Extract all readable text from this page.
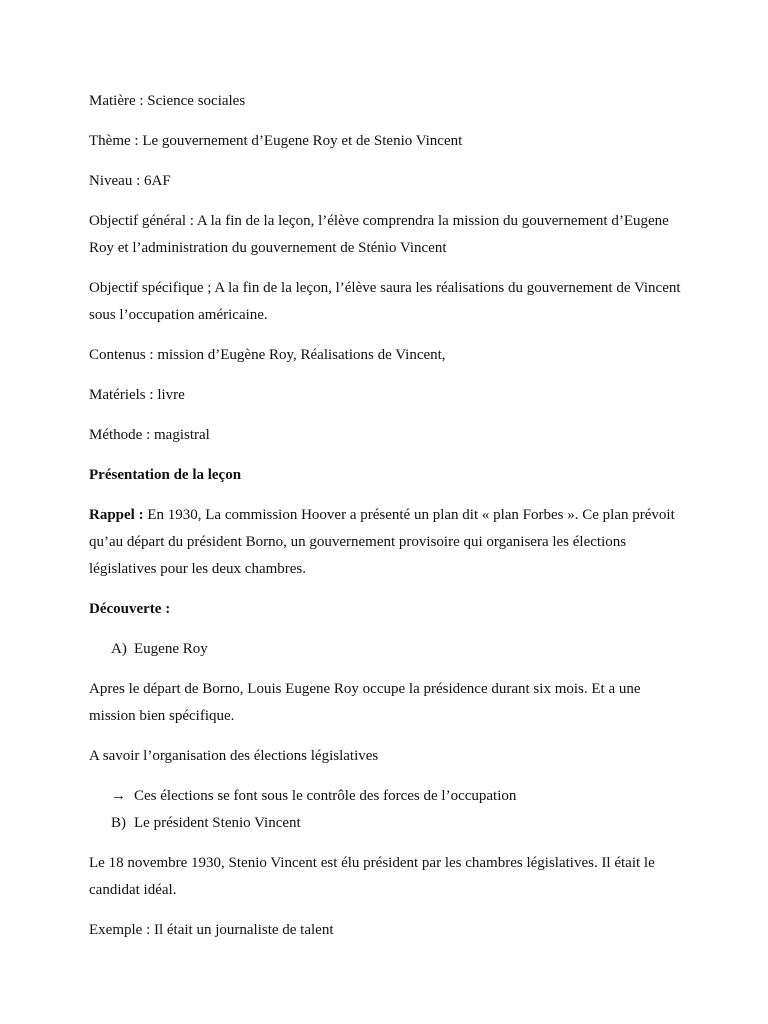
Matière : Science sociales

Thème : Le gouvernement d’Eugene Roy et de Stenio Vincent

Niveau : 6AF

Objectif général : A la fin de la leçon, l’élève comprendra la mission du gouvernement d’Eugene Roy et l’administration du gouvernement de Sténio Vincent

Objectif spécifique ; A la fin de la leçon, l’élève saura les réalisations du gouvernement de Vincent sous l’occupation américaine.

Contenus : mission d’Eugène Roy, Réalisations de Vincent,

Matériels : livre

Méthode : magistral

Présentation de la leçon

Rappel : En 1930, La commission Hoover a présenté un plan dit « plan Forbes ». Ce plan prévoit qu’au départ du président Borno, un gouvernement provisoire qui organisera les élections législatives pour les deux chambres.

Découverte :

A) Eugene Roy

Apres le départ de Borno, Louis Eugene Roy occupe la présidence durant six mois. Et a une mission bien spécifique.

A savoir l’organisation des élections législatives

→ Ces élections se font sous le contrôle des forces de l’occupation
B) Le président Stenio Vincent

Le 18 novembre 1930, Stenio Vincent est élu président par les chambres législatives. Il était le candidat idéal.

Exemple : Il était un journaliste de talent
